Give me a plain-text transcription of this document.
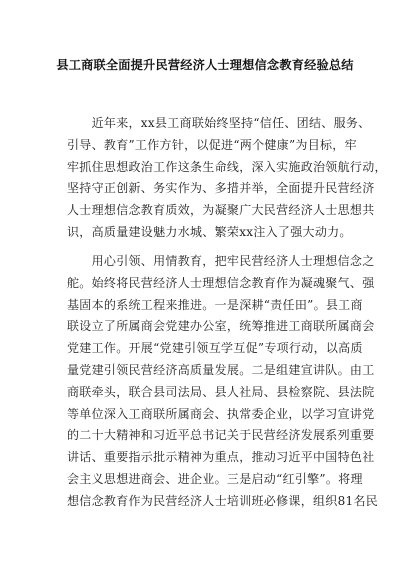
县工商联全面提升民营经济人士理想信念教育经验总结
　　近年来，xx县工商联始终坚持“信任、团结、服务、
引导、教育”工作方针，以促进“两个健康”为目标，牢
牢抓住思想政治工作这条生命线，深入实施政治领航行动，
坚持守正创新、务实作为、多措并举，全面提升民营经济
人士理想信念教育质效，为凝聚广大民营经济人士思想共
识，高质量建设魅力水城、繁荣xx注入了强大动力。
　　用心引领、用情教育，把牢民营经济人士理想信念之
舵。始终将民营经济人士理想信念教育作为凝魂聚气、强
基固本的系统工程来推进。一是深耕“责任田”。县工商
联设立了所属商会党建办公室，统筹推进工商联所属商会
党建工作。开展“党建引领互学互促”专项行动，以高质
量党建引领民营经济高质量发展。二是组建宣讲队。由工
商联牵头，联合县司法局、县人社局、县检察院、县法院
等单位深入工商联所属商会、执常委企业，以学习宣讲党
的二十大精神和习近平总书记关于民营经济发展系列重要
讲话、重要指示批示精神为重点，推动习近平中国特色社
会主义思想进商会、进企业。三是启动“红引擎”。将理
想信念教育作为民营经济人士培训班必修课，组织81名民
